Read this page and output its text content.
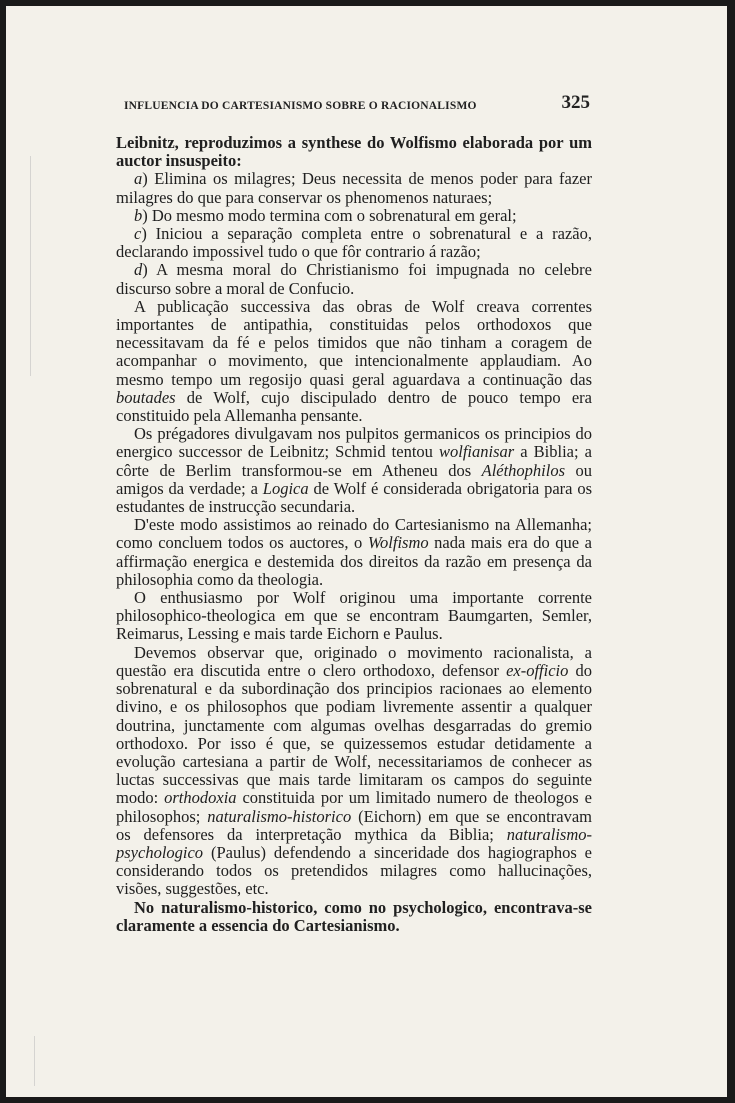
INFLUENCIA DO CARTESIANISMO SOBRE O RACIONALISMO	325

Leibnitz, reproduzimos a synthese do Wolfismo elaborada por um auctor insuspeito:

a) Elimina os milagres; Deus necessita de menos poder para fazer milagres do que para conservar os phenomenos naturaes;

b) Do mesmo modo termina com o sobrenatural em geral;

c) Iniciou a separação completa entre o sobrenatural e a razão, declarando impossivel tudo o que fôr contrario á razão;

d) A mesma moral do Christianismo foi impugnada no celebre discurso sobre a moral de Confucio.

A publicação successiva das obras de Wolf creava correntes importantes de antipathia, constituidas pelos orthodoxos que necessitavam da fé e pelos timidos que não tinham a coragem de acompanhar o movimento, que intencionalmente applaudiam. Ao mesmo tempo um regosijo quasi geral aguardava a continuação das boutades de Wolf, cujo discipulado dentro de pouco tempo era constituido pela Allemanha pensante.

Os prégadores divulgavam nos pulpitos germanicos os principios do energico successor de Leibnitz; Schmid tentou wolfianisar a Biblia; a côrte de Berlim transformou-se em Atheneu dos Aléthophilos ou amigos da verdade; a Logica de Wolf é considerada obrigatoria para os estudantes de instrucção secundaria.

D'este modo assistimos ao reinado do Cartesianismo na Allemanha; como concluem todos os auctores, o Wolfismo nada mais era do que a affirmação energica e destemida dos direitos da razão em presença da philosophia como da theologia.

O enthusiasmo por Wolf originou uma importante corrente philosophico-theologica em que se encontram Baumgarten, Semler, Reimarus, Lessing e mais tarde Eichorn e Paulus.

Devemos observar que, originado o movimento racionalista, a questão era discutida entre o clero orthodoxo, defensor ex-officio do sobrenatural e da subordinação dos principios racionaes ao elemento divino, e os philosophos que podiam livremente assentir a qualquer doutrina, junctamente com algumas ovelhas desgarradas do gremio orthodoxo. Por isso é que, se quizessemos estudar detidamente a evolução cartesiana a partir de Wolf, necessitariamos de conhecer as luctas successivas que mais tarde limitaram os campos do seguinte modo: orthodoxia constituida por um limitado numero de theologos e philosophos; naturalismo-historico (Eichorn) em que se encontravam os defensores da interpretação mythica da Biblia; naturalismo-psychologico (Paulus) defendendo a sinceridade dos hagiographos e considerando todos os pretendidos milagres como hallucinações, visões, suggestões, etc.

No naturalismo-historico, como no psychologico, encontrava-se claramente a essencia do Cartesianismo.
